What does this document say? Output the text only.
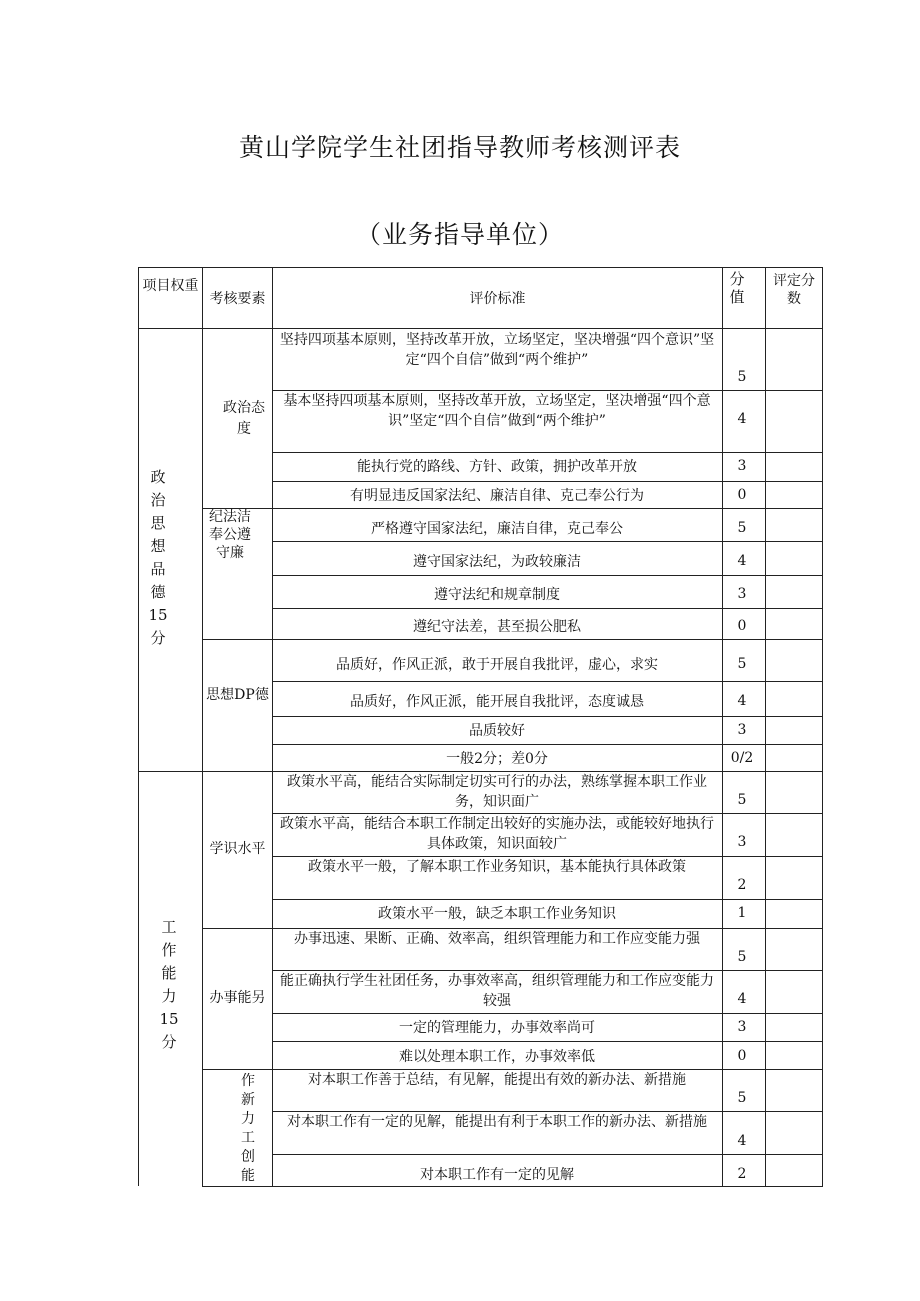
黄山学院学生社团指导教师考核测评表
（业务指导单位）
项目权重
考核要素	评价标准
分值
评定分数
政治思想品德15分
工作能力15分
政治态度
纪法洁奉公遵守廉
思想DP德
学识水平
办事能另
作新力工创能
坚持四项基本原则，坚持改革开放，立场坚定，坚决增强“四个意识”坚定“四个自信”做到“两个维护”
基本坚持四项基本原则，坚持改革开放，立场坚定，坚决增强“四个意识”坚定“四个自信”做到“两个维护”
能执行党的路线、方针、政策，拥护改革开放
有明显违反国家法纪、廉洁自律、克己奉公行为
严格遵守国家法纪，廉洁自律，克己奉公
遵守国家法纪，为政较廉洁
遵守法纪和规章制度
遵纪守法差，甚至损公肥私
品质好，作风正派，敢于开展自我批评，虚心，求实
品质好，作风正派，能开展自我批评，态度诚恳
品质较好
一般2分；差0分
政策水平高，能结合实际制定切实可行的办法，熟练掌握本职工作业务，知识面广
政策水平高，能结合本职工作制定出较好的实施办法，或能较好地执行具体政策，知识面较广
政策水平一般，了解本职工作业务知识，基本能执行具体政策
政策水平一般，缺乏本职工作业务知识
办事迅速、果断、正确、效率高，组织管理能力和工作应变能力强
能正确执行学生社团任务，办事效率高，组织管理能力和工作应变能力较强
一定的管理能力，办事效率尚可
难以处理本职工作，办事效率低
对本职工作善于总结，有见解，能提出有效的新办法、新措施
对本职工作有一定的见解，能提出有利于本职工作的新办法、新措施
对本职工作有一定的见解
5
4
3
0
5
4
3
0
5
4
3
0/2
5
3
2
1
5
4
3
0
5
4
2
